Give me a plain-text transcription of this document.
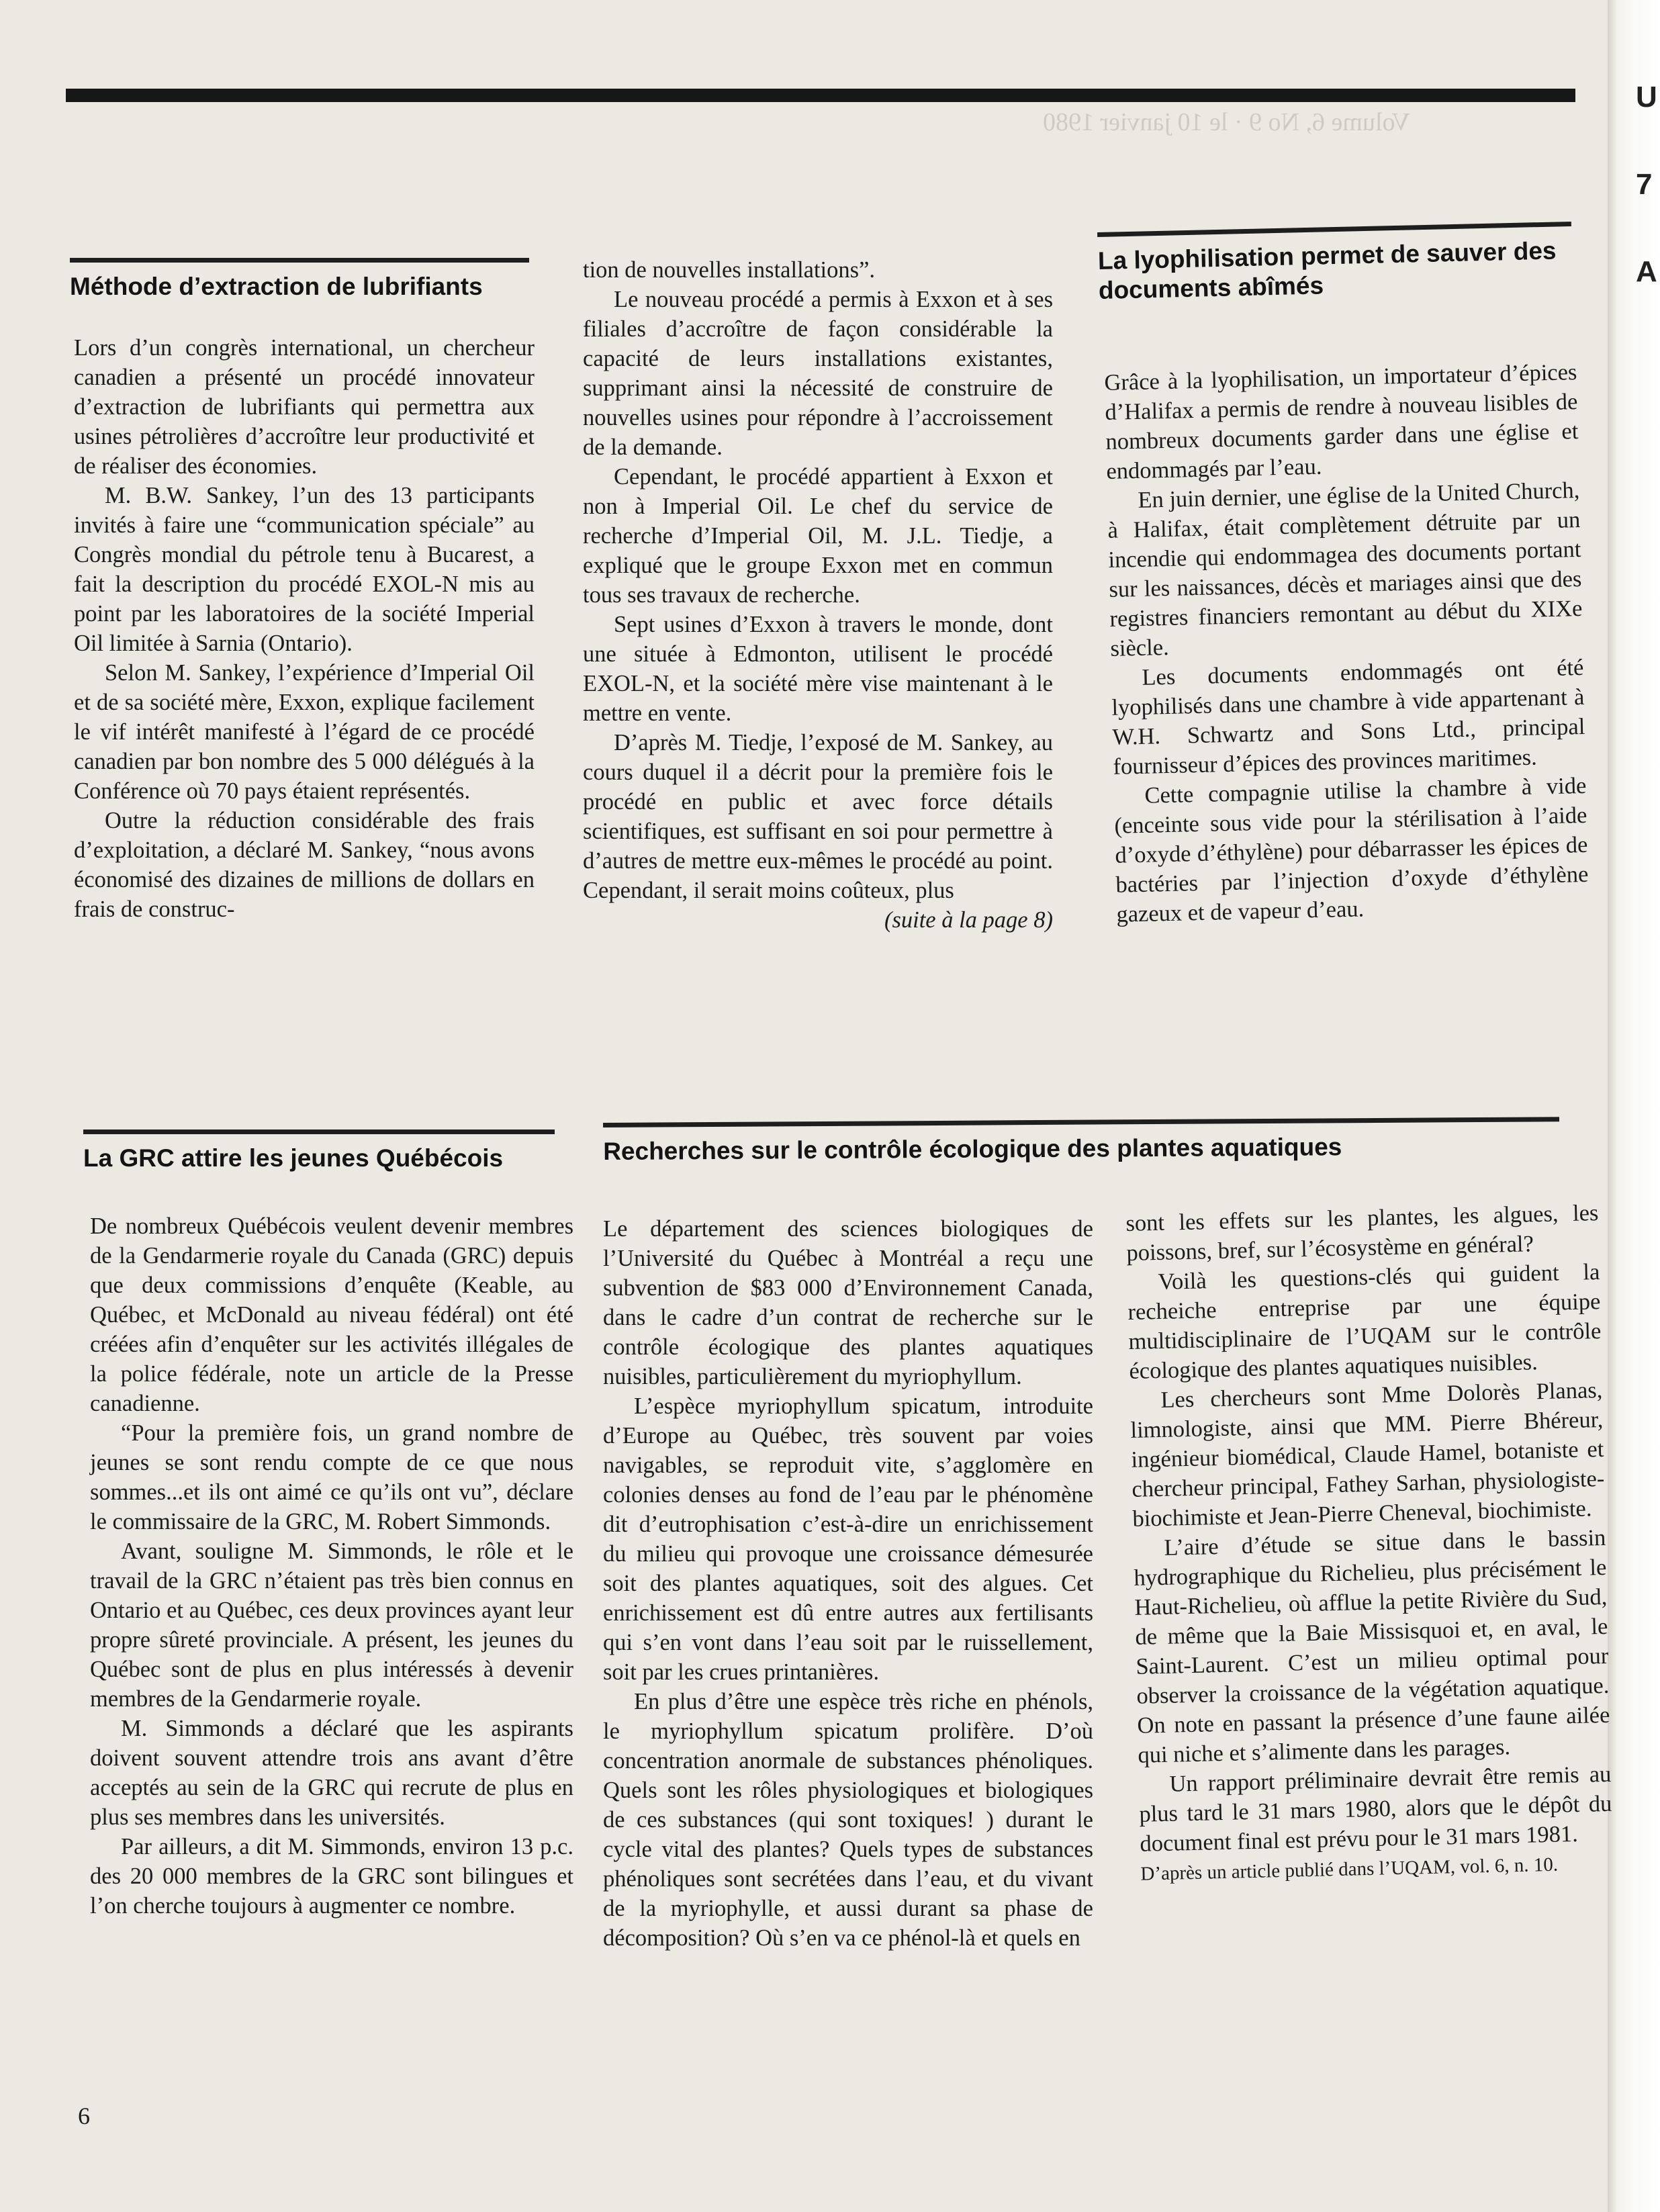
U
7
A
Volume 6, No 9 · le 10 janvier 1980
Méthode d’extraction de lubrifiants

Lors d’un congrès international, un chercheur canadien a présenté un procédé innovateur d’extraction de lubrifiants qui permettra aux usines pétrolières d’accroître leur productivité et de réaliser des économies.

M. B.W. Sankey, l’un des 13 participants invités à faire une “communication spéciale” au Congrès mondial du pétrole tenu à Bucarest, a fait la description du procédé EXOL-N mis au point par les laboratoires de la société Imperial Oil limitée à Sarnia (Ontario).

Selon M. Sankey, l’expérience d’Imperial Oil et de sa société mère, Exxon, explique facilement le vif intérêt manifesté à l’égard de ce procédé canadien par bon nombre des 5 000 délégués à la Conférence où 70 pays étaient représentés.

Outre la réduction considérable des frais d’exploitation, a déclaré M. Sankey, “nous avons économisé des dizaines de millions de dollars en frais de construc-

tion de nouvelles installations”.

Le nouveau procédé a permis à Exxon et à ses filiales d’accroître de façon considérable la capacité de leurs installations existantes, supprimant ainsi la nécessité de construire de nouvelles usines pour répondre à l’accroissement de la demande.

Cependant, le procédé appartient à Exxon et non à Imperial Oil. Le chef du service de recherche d’Imperial Oil, M. J.L. Tiedje, a expliqué que le groupe Exxon met en commun tous ses travaux de recherche.

Sept usines d’Exxon à travers le monde, dont une située à Edmonton, utilisent le procédé EXOL-N, et la société mère vise maintenant à le mettre en vente.

D’après M. Tiedje, l’exposé de M. Sankey, au cours duquel il a décrit pour la première fois le procédé en public et avec force détails scientifiques, est suffisant en soi pour permettre à d’autres de mettre eux-mêmes le procédé au point. Cependant, il serait moins coûteux, plus

(suite à la page 8)

La lyophilisation permet de sauver des documents abîmés

Grâce à la lyophilisation, un importateur d’épices d’Halifax a permis de rendre à nouveau lisibles de nombreux documents garder dans une église et endommagés par l’eau.

En juin dernier, une église de la United Church, à Halifax, était complètement détruite par un incendie qui endommagea des documents portant sur les naissances, décès et mariages ainsi que des registres financiers remontant au début du XIXe siècle.

Les documents endommagés ont été lyophilisés dans une chambre à vide appartenant à W.H. Schwartz and Sons Ltd., principal fournisseur d’épices des provinces maritimes.

Cette compagnie utilise la chambre à vide (enceinte sous vide pour la stérilisation à l’aide d’oxyde d’éthylène) pour débarrasser les épices de bactéries par l’injection d’oxyde d’éthylène gazeux et de vapeur d’eau.

La GRC attire les jeunes Québécois

De nombreux Québécois veulent devenir membres de la Gendarmerie royale du Canada (GRC) depuis que deux commissions d’enquête (Keable, au Québec, et McDonald au niveau fédéral) ont été créées afin d’enquêter sur les activités illégales de la police fédérale, note un article de la Presse canadienne.

“Pour la première fois, un grand nombre de jeunes se sont rendu compte de ce que nous sommes...et ils ont aimé ce qu’ils ont vu”, déclare le commissaire de la GRC, M. Robert Simmonds.

Avant, souligne M. Simmonds, le rôle et le travail de la GRC n’étaient pas très bien connus en Ontario et au Québec, ces deux provinces ayant leur propre sûreté provinciale. A présent, les jeunes du Québec sont de plus en plus intéressés à devenir membres de la Gendarmerie royale.

M. Simmonds a déclaré que les aspirants doivent souvent attendre trois ans avant d’être acceptés au sein de la GRC qui recrute de plus en plus ses membres dans les universités.

Par ailleurs, a dit M. Simmonds, environ 13 p.c. des 20 000 membres de la GRC sont bilingues et l’on cherche toujours à augmenter ce nombre.

Recherches sur le contrôle écologique des plantes aquatiques

Le département des sciences biologiques de l’Université du Québec à Montréal a reçu une subvention de $83 000 d’Environnement Canada, dans le cadre d’un contrat de recherche sur le contrôle écologique des plantes aquatiques nuisibles, particulièrement du myriophyllum.

L’espèce myriophyllum spicatum, introduite d’Europe au Québec, très souvent par voies navigables, se reproduit vite, s’agglomère en colonies denses au fond de l’eau par le phénomène dit d’eutrophisation c’est-à-dire un enrichissement du milieu qui provoque une croissance démesurée soit des plantes aquatiques, soit des algues. Cet enrichissement est dû entre autres aux fertilisants qui s’en vont dans l’eau soit par le ruissellement, soit par les crues printanières.

En plus d’être une espèce très riche en phénols, le myriophyllum spicatum prolifère. D’où concentration anormale de substances phénoliques. Quels sont les rôles physiologiques et biologiques de ces substances (qui sont toxiques! ) durant le cycle vital des plantes? Quels types de substances phénoliques sont secrétées dans l’eau, et du vivant de la myriophylle, et aussi durant sa phase de décomposition? Où s’en va ce phénol-là et quels en

sont les effets sur les plantes, les algues, les poissons, bref, sur l’écosystème en général?

Voilà les questions-clés qui guident la recheiche entreprise par une équipe multidisciplinaire de l’UQAM sur le contrôle écologique des plantes aquatiques nuisibles.

Les chercheurs sont Mme Dolorès Planas, limnologiste, ainsi que MM. Pierre Bhéreur, ingénieur biomédical, Claude Hamel, botaniste et chercheur principal, Fathey Sarhan, physiologiste-biochimiste et Jean-Pierre Cheneval, biochimiste.

L’aire d’étude se situe dans le bassin hydrographique du Richelieu, plus précisément le Haut-Richelieu, où afflue la petite Rivière du Sud, de même que la Baie Missisquoi et, en aval, le Saint-Laurent. C’est un milieu optimal pour observer la croissance de la végétation aquatique. On note en passant la présence d’une faune ailée qui niche et s’alimente dans les parages.

Un rapport préliminaire devrait être remis au plus tard le 31 mars 1980, alors que le dépôt du document final est prévu pour le 31 mars 1981.

D’après un article publié dans l’UQAM, vol. 6, n. 10.

6
